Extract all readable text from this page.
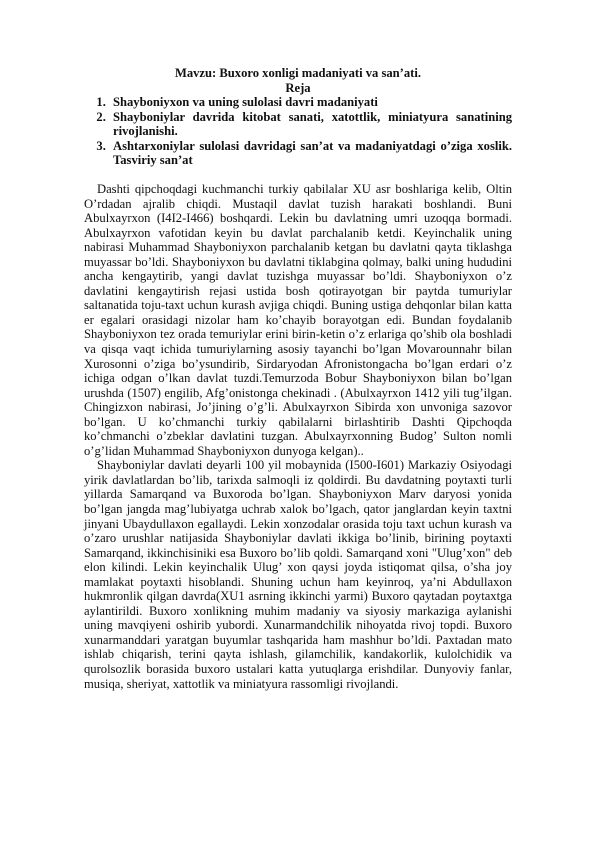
Mavzu: Buxoro xonligi madaniyati va san’ati.
Reja
1. Shayboniyxon va uning sulolasi davri madaniyati
2. Shayboniylar davrida kitobat sanati, xatottlik, miniatyura sanatining rivojlanishi.
3. Ashtarxoniylar sulolasi davridagi san’at va madaniyatdagi o’ziga xoslik. Tasviriy san’at

Dashti qipchoqdagi kuchmanchi turkiy qabilalar XU asr boshlariga kelib, Oltin O’rdadan ajralib chiqdi. Mustaqil davlat tuzish harakati boshlandi. Buni Abulxayrxon (I4I2-I466) boshqardi. Lekin bu davlatning umri uzoqqa bormadi. Abulxayrxon vafotidan keyin bu davlat parchalanib ketdi. Keyinchalik uning nabirasi Muhammad Shayboniyxon parchalanib ketgan bu davlatni qayta tiklashga muyassar bo’ldi. Shayboniyxon bu davlatni tiklabgina qolmay, balki uning hududini ancha kengaytirib, yangi davlat tuzishga muyassar bo’ldi. Shayboniyxon o’z davlatini kengaytirish rejasi ustida bosh qotirayotgan bir paytda tumuriylar saltanatida toju-taxt uchun kurash avjiga chiqdi. Buning ustiga dehqonlar bilan katta er egalari orasidagi nizolar ham ko’chayib borayotgan edi. Bundan foydalanib Shayboniyxon tez orada temuriylar erini birin-ketin o’z erlariga qo’shib ola boshladi va qisqa vaqt ichida tumuriylarning asosiy tayanchi bo’lgan Movarounnahr bilan Xurosonni o’ziga bo’ysundirib, Sirdaryodan Afronistongacha bo’lgan erdari o’z ichiga odgan o’lkan davlat tuzdi.Temurzoda Bobur Shayboniyxon bilan bo’lgan urushda (1507) engilib, Afg’onistonga chekinadi . (Abulxayrxon 1412 yili tug’ilgan. Chingizxon nabirasi, Jo’jining o’g’li. Abulxayrxon Sibirda xon unvoniga sazovor bo’lgan. U ko’chmanchi turkiy qabilalarni birlashtirib Dashti Qipchoqda ko’chmanchi o’zbeklar davlatini tuzgan. Abulxayrxonning Budog’ Sulton nomli o’g’lidan Muhammad Shayboniyxon dunyoga kelgan)..

Shayboniylar davlati deyarli 100 yil mobaynida (I500-I601) Markaziy Osiyodagi yirik davlatlardan bo’lib, tarixda salmoqli iz qoldirdi. Bu davdatning poytaxti turli yillarda Samarqand va Buxoroda bo’lgan. Shayboniyxon Marv daryosi yonida bo’lgan jangda mag’lubiyatga uchrab xalok bo’lgach, qator janglardan keyin taxtni jinyani Ubaydullaxon egallaydi. Lekin xonzodalar orasida toju taxt uchun kurash va o’zaro urushlar natijasida Shayboniylar davlati ikkiga bo’linib, birining poytaxti Samarqand, ikkinchisiniki esa Buxoro bo’lib qoldi. Samarqand xoni "Ulug’xon" deb elon kilindi. Lekin keyinchalik Ulug’ xon qaysi joyda istiqomat qilsa, o’sha joy mamlakat poytaxti hisoblandi. Shuning uchun ham keyinroq, ya’ni Abdullaxon hukmronlik qilgan davrda(XU1 asrning ikkinchi yarmi) Buxoro qaytadan poytaxtga aylantirildi. Buxoro xonlikning muhim madaniy va siyosiy markaziga aylanishi uning mavqiyeni oshirib yubordi. Xunarmandchilik nihoyatda rivoj topdi. Buxoro xunarmanddari yaratgan buyumlar tashqarida ham mashhur bo’ldi. Paxtadan mato ishlab chiqarish, terini qayta ishlash, gilamchilik, kandakorlik, kulolchidik va qurolsozlik borasida buxoro ustalari katta yutuqlarga erishdilar. Dunyoviy fanlar, musiqa, sheriyat, xattotlik va miniatyura rassomligi rivojlandi.
